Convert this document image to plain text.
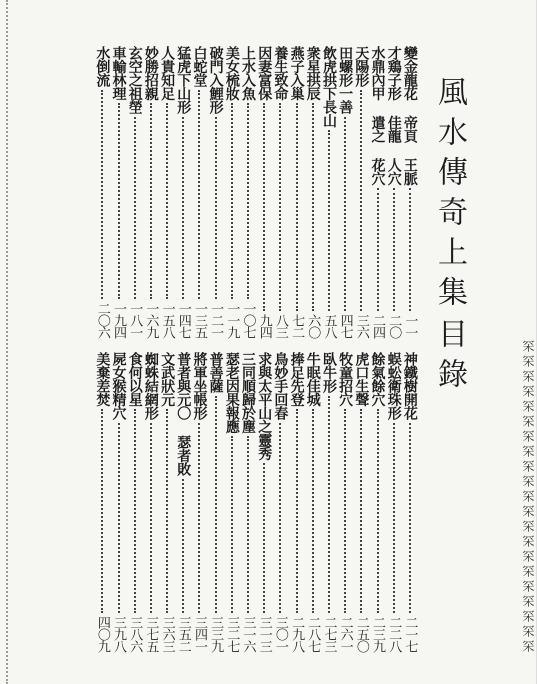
風水傳奇上集
目錄
變金龍花 帝頁 王脈
一一
才鶏子形 佳龍 人穴
二〇
水鼎內甲 遣之 花穴
二四
天陽形
三六
田螺形一善
四七
飲虎拱下長山
五八
衆星拱辰
六〇
燕子入巢
七二
養生致命
八三
因妻富保
九四
上水入魚
一〇七
美女梳妝
一一九
破門入鯉形
一二一
白蛇堂
一三五
猛虎下山形
一四七
人貴知足
一五八
妙勝招親
一六九
玄空之祖塋
一八一
車輸林理
一九四
水倒流
二〇六
神鐵樹開花
二一七
蜈蚣衛珠形
二二八
餘氣餘穴
二三九
虎口生聲
二五〇
牧童招穴
二六一
臥牛形
二七三
牛眠佳城
二八七
捧足先登
二九八
鳥妙手回春
三〇一
求與太平山之靈秀
三一三
三同順歸於塵
三一六
瑟老因果報應
三二七
普善薩
三三九
將軍坐帳形
三四一
普者與元〇 瑟者敗
三五二
文武狀元
三六三
蜘蛛結網形
三七五
食何以星
三八六
屍女猴精穴
三九八
美棄差焚
四〇九	罙罙罙罙罙罙罙罙罙罙罙罙罙罙罙罙罙罙罙罙罙
